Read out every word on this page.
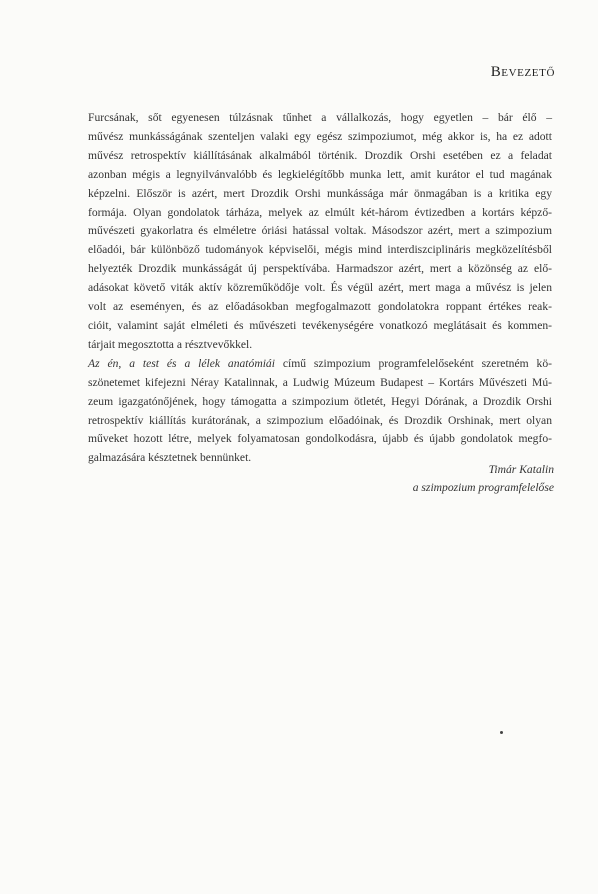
Bevezető
Furcsának, sőt egyenesen túlzásnak tűnhet a vállalkozás, hogy egyetlen – bár élő –
művész munkásságának szenteljen valaki egy egész szimpoziumot, még akkor is, ha ez adott
művész retrospektív kiállításának alkalmából történik. Drozdik Orshi esetében ez a feladat
azonban mégis a legnyilvánvalóbb és legkielégítőbb munka lett, amit kurátor el tud magának
képzelni. Először is azért, mert Drozdik Orshi munkássága már önmagában is a kritika egy
formája. Olyan gondolatok tárháza, melyek az elmúlt két-három évtizedben a kortárs képző-
művészeti gyakorlatra és elméletre óriási hatással voltak. Másodszor azért, mert a szimpozium
előadói, bár különböző tudományok képviselői, mégis mind interdiszciplináris megközelítésből
helyezték Drozdik munkásságát új perspektívába. Harmadszor azért, mert a közönség az elő-
adásokat követő viták aktív közreműködője volt. És végül azért, mert maga a művész is jelen
volt az eseményen, és az előadásokban megfogalmazott gondolatokra roppant értékes reak-
cióit, valamint saját elméleti és művészeti tevékenységére vonatkozó meglátásait és kommen-
tárjait megosztotta a résztvevőkkel.
Az én, a test és a lélek anatómiái című szimpozium programfelelőseként szeretném kö-
szönetemet kifejezni Néray Katalinnak, a Ludwig Múzeum Budapest – Kortárs Művészeti Mú-
zeum igazgatónőjének, hogy támogatta a szimpozium ötletét, Hegyi Dórának, a Drozdik Orshi
retrospektív kiállítás kurátorának, a szimpozium előadóinak, és Drozdik Orshinak, mert olyan
műveket hozott létre, melyek folyamatosan gondolkodásra, újabb és újabb gondolatok megfo-
galmazására késztetnek bennünket.
Timár Katalin
a szimpozium programfelelőse
